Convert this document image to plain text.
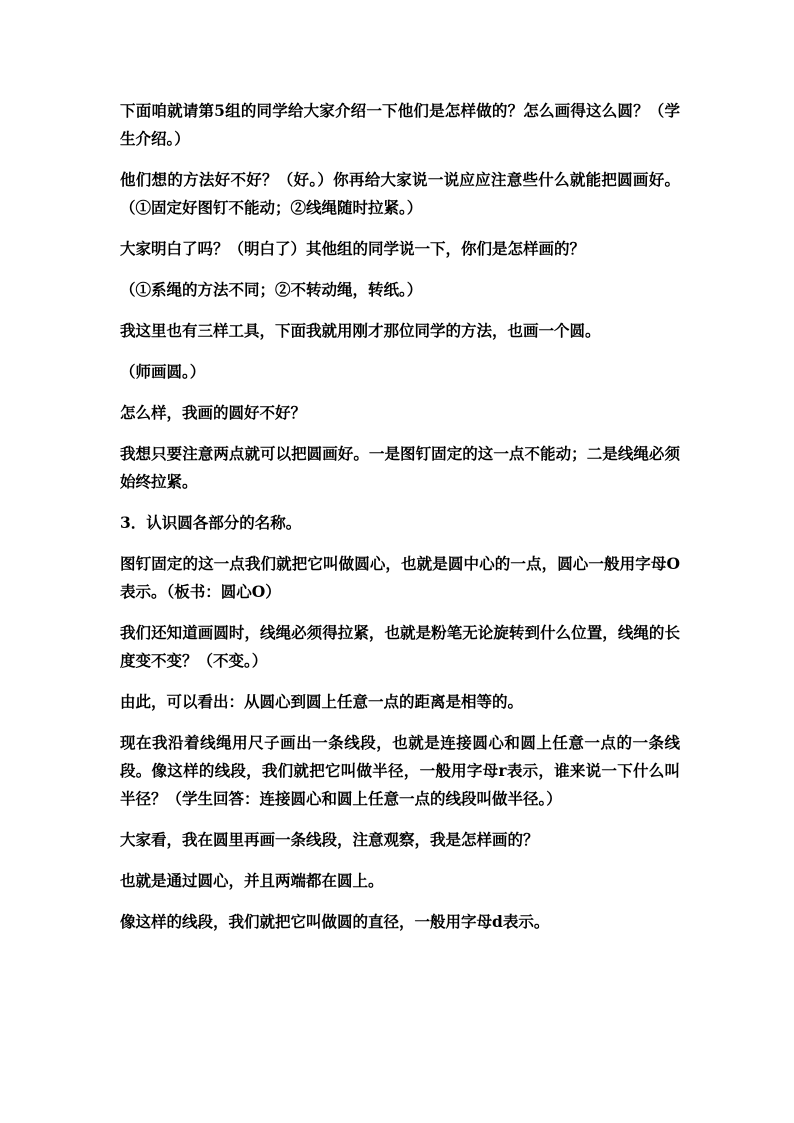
下面咱就请第5组的同学给大家介绍一下他们是怎样做的？怎么画得这么圆？（学生介绍。）

他们想的方法好不好？（好。）你再给大家说一说应应注意些什么就能把圆画好。（①固定好图钉不能动；②线绳随时拉紧。）

大家明白了吗？（明白了）其他组的同学说一下，你们是怎样画的？

（①系绳的方法不同；②不转动绳，转纸。）

我这里也有三样工具，下面我就用刚才那位同学的方法，也画一个圆。

（师画圆。）

怎么样，我画的圆好不好？

我想只要注意两点就可以把圆画好。一是图钉固定的这一点不能动；二是线绳必须始终拉紧。

3．认识圆各部分的名称。

图钉固定的这一点我们就把它叫做圆心，也就是圆中心的一点，圆心一般用字母O表示。（板书：圆心O）

我们还知道画圆时，线绳必须得拉紧，也就是粉笔无论旋转到什么位置，线绳的长度变不变？（不变。）

由此，可以看出：从圆心到圆上任意一点的距离是相等的。

现在我沿着线绳用尺子画出一条线段，也就是连接圆心和圆上任意一点的一条线段。像这样的线段，我们就把它叫做半径，一般用字母r表示，谁来说一下什么叫半径？（学生回答：连接圆心和圆上任意一点的线段叫做半径。）

大家看，我在圆里再画一条线段，注意观察，我是怎样画的？

也就是通过圆心，并且两端都在圆上。

像这样的线段，我们就把它叫做圆的直径，一般用字母d表示。
